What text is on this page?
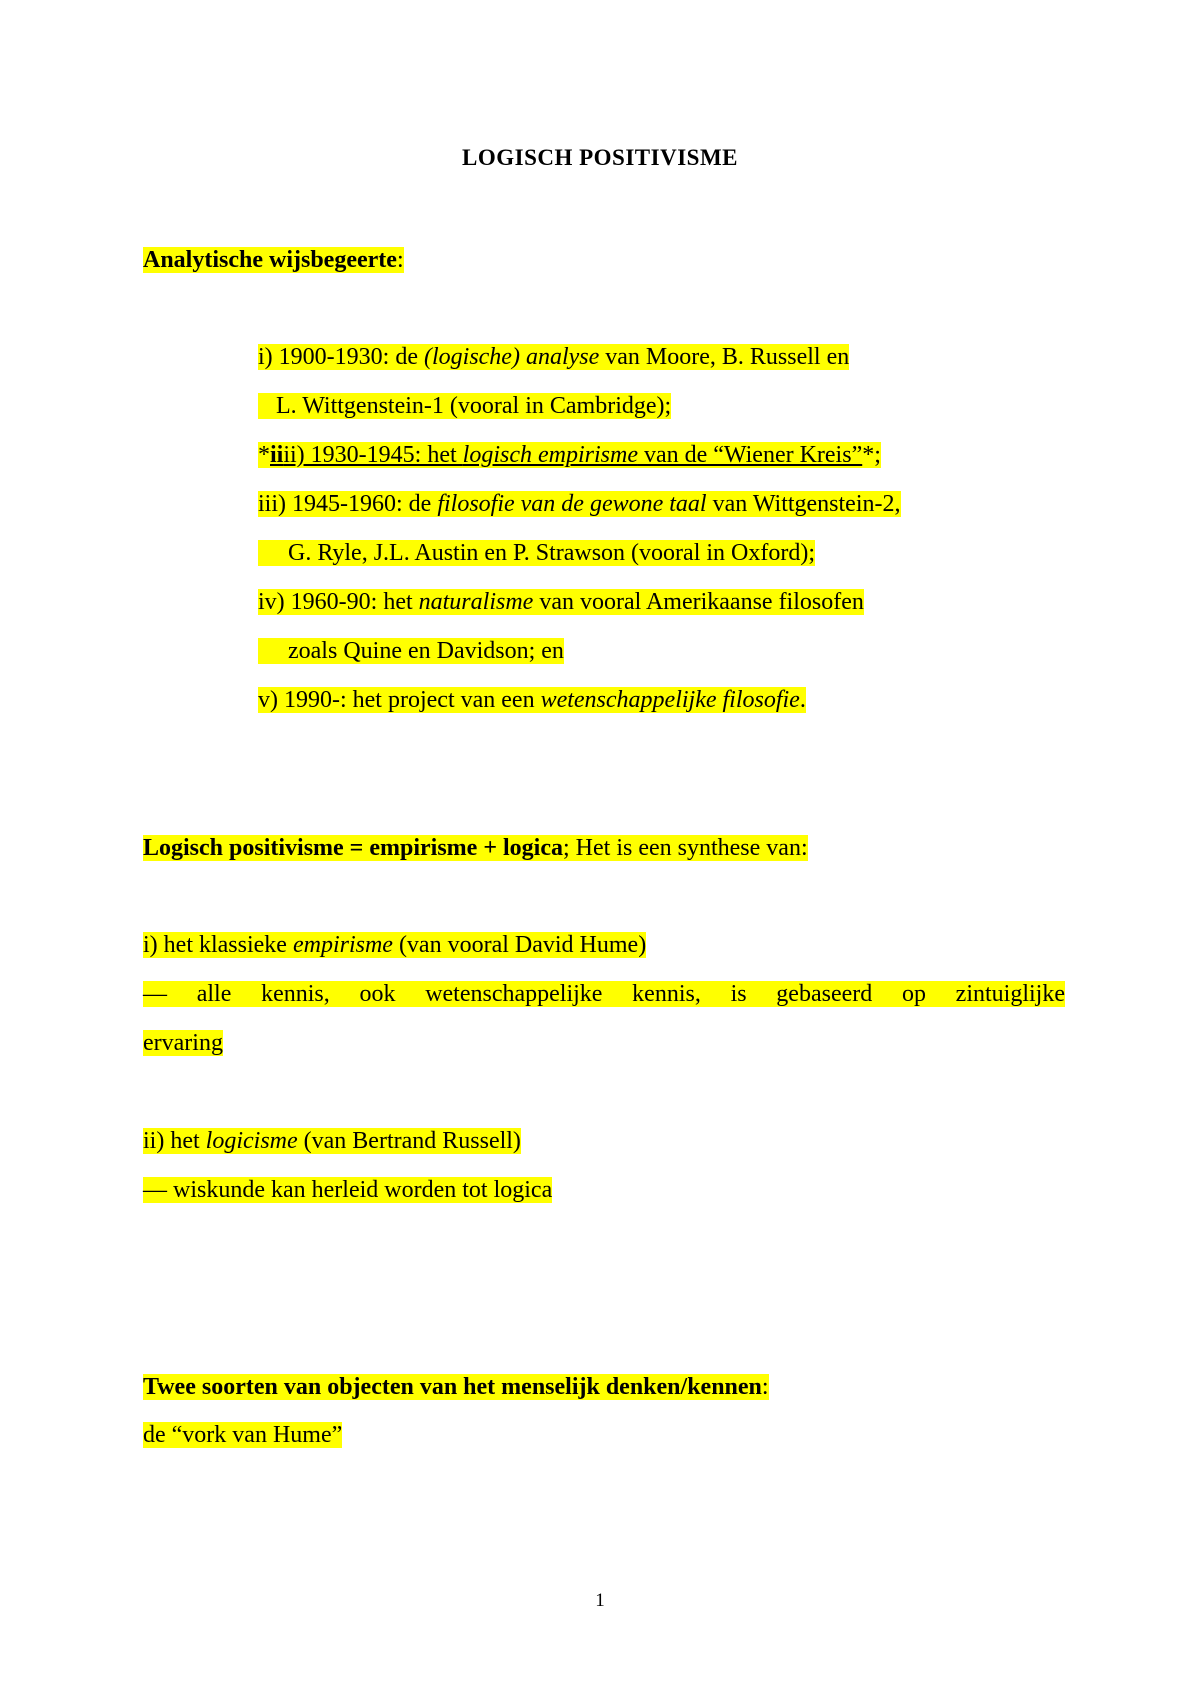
LOGISCH POSITIVISME
Analytische wijsbegeerte:
i) 1900-1930: de (logische) analyse van Moore, B. Russell en
L. Wittgenstein-1 (vooral in Cambridge);
*iiii) 1930-1945: het logisch empirisme van de “Wiener Kreis”*;
iii) 1945-1960: de filosofie van de gewone taal van Wittgenstein-2,
G. Ryle, J.L. Austin en P. Strawson (vooral in Oxford);
iv) 1960-90: het naturalisme van vooral Amerikaanse filosofen
zoals Quine en Davidson; en
v) 1990-: het project van een wetenschappelijke filosofie.
Logisch positivisme = empirisme + logica; Het is een synthese van:
i) het klassieke empirisme (van vooral David Hume)
— alle kennis, ook wetenschappelijke kennis, is gebaseerd op zintuiglijke
ervaring
ii) het logicisme (van Bertrand Russell)
— wiskunde kan herleid worden tot logica
Twee soorten van objecten van het menselijk denken/kennen:
de “vork van Hume”
1
